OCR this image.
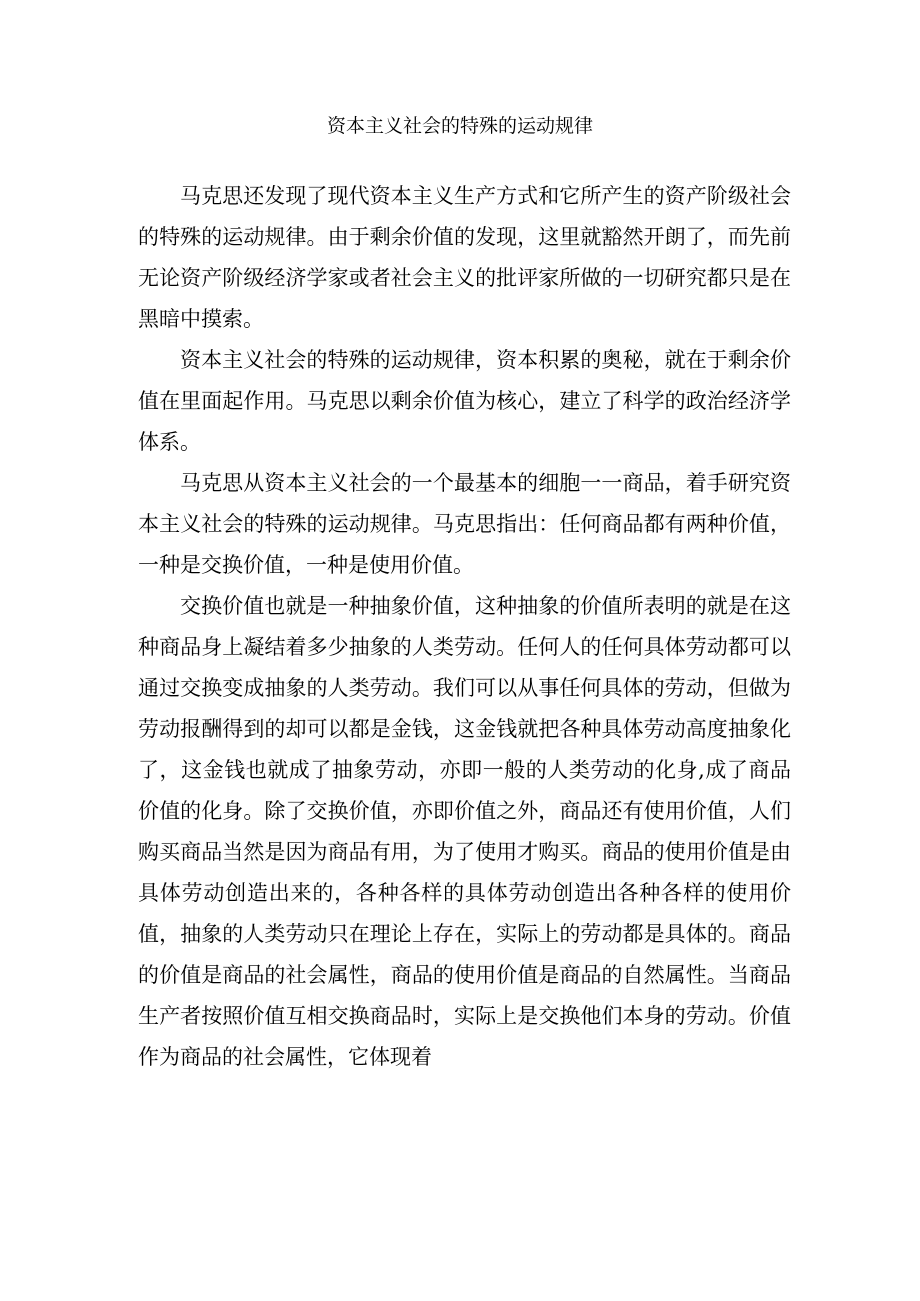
资本主义社会的特殊的运动规律

马克思还发现了现代资本主义生产方式和它所产生的资产阶级社会的特殊的运动规律。由于剩余价值的发现，这里就豁然开朗了，而先前无论资产阶级经济学家或者社会主义的批评家所做的一切研究都只是在黑暗中摸索。

资本主义社会的特殊的运动规律，资本积累的奥秘，就在于剩余价值在里面起作用。马克思以剩余价值为核心，建立了科学的政治经济学体系。

马克思从资本主义社会的一个最基本的细胞一一商品，着手研究资本主义社会的特殊的运动规律。马克思指出：任何商品都有两种价值，一种是交换价值，一种是使用价值。

交换价值也就是一种抽象价值，这种抽象的价值所表明的就是在这种商品身上凝结着多少抽象的人类劳动。任何人的任何具体劳动都可以通过交换变成抽象的人类劳动。我们可以从事任何具体的劳动，但做为劳动报酬得到的却可以都是金钱，这金钱就把各种具体劳动高度抽象化了，这金钱也就成了抽象劳动，亦即一般的人类劳动的化身,成了商品价值的化身。除了交换价值，亦即价值之外，商品还有使用价值，人们购买商品当然是因为商品有用，为了使用才购买。商品的使用价值是由具体劳动创造出来的，各种各样的具体劳动创造出各种各样的使用价值，抽象的人类劳动只在理论上存在，实际上的劳动都是具体的。商品的价值是商品的社会属性，商品的使用价值是商品的自然属性。当商品生产者按照价值互相交换商品时，实际上是交换他们本身的劳动。价值作为商品的社会属性，它体现着
